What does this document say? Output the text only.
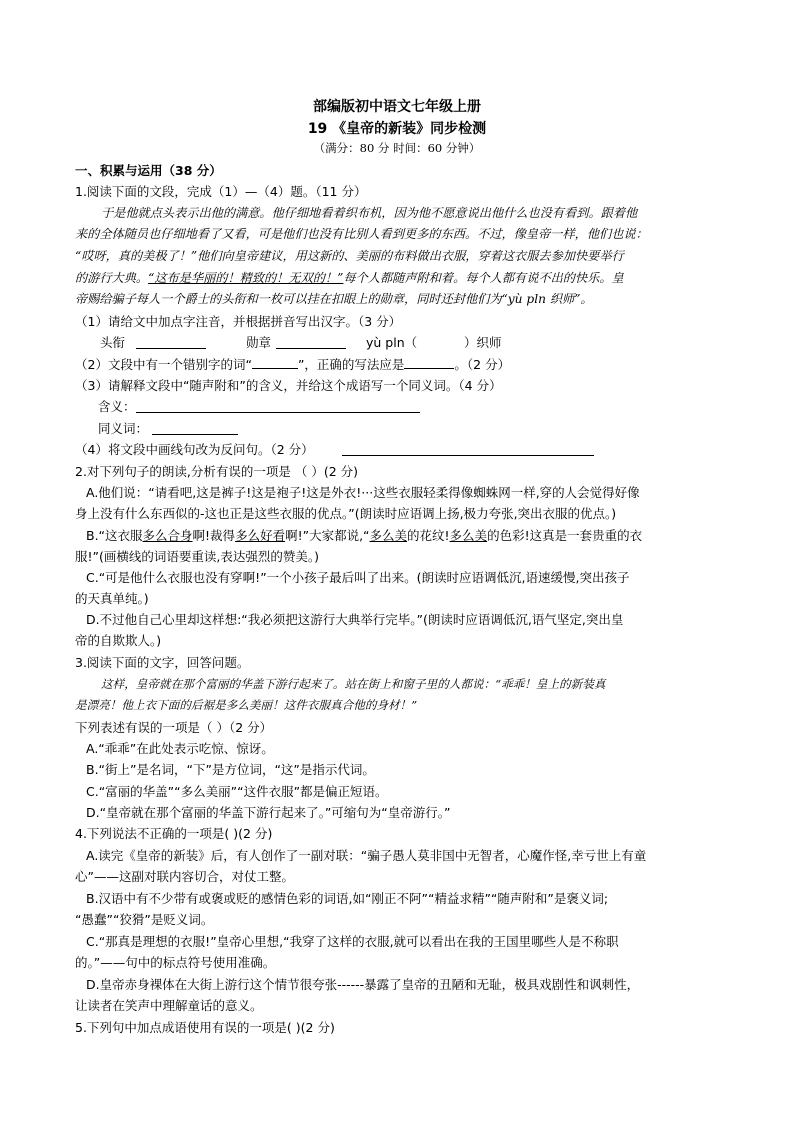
部编版初中语文七年级上册
19 《皇帝的新装》同步检测
（满分：80 分 时间：60 分钟）
一、积累与运用（38 分）
1.阅读下面的文段，完成（1）—（4）题。（11 分）
于是他就点头表示出他的满意。他仔细地看着织布机，因为他不愿意说出他什么也没有看到。跟着他
来的全体随员也仔细地看了又看，可是他们也没有比别人看到更多的东西。不过，像皇帝一样，他们也说：
“哎呀，真的美极了！”他们向皇帝建议，用这新的、美丽的布料做出衣服，穿着这衣服去参加快要举行
的游行大典。“这布是华丽的！精致的！无双的！”每个人都随声附和着。每个人都有说不出的快乐。皇
帝赐给骗子每人一个爵士的头衔和一枚可以挂在扣眼上的勋章，同时还封他们为“yù pln 织师”。
（1）请给文中加点字注音，并根据拼音写出汉字。（3 分）
头衔	勋章	yù pln（	）织师
（2）文段中有一个错别字的词“	”，正确的写法应是	。（2 分）
（3）请解释文段中“随声附和”的含义，并给这个成语写一个同义词。（4 分）
含义：
同义词：
（4）将文段中画线句改为反问句。（2 分）
2.对下列句子的朗读,分析有误的一项是 （ ）(2 分)
A.他们说：“请看吧,这是裤子!这是袍子!这是外衣!···这些衣服轻柔得像蜘蛛网一样,穿的人会觉得好像
身上没有什么东西似的-这也正是这些衣服的优点。”(朗读时应语调上扬,极力夸张,突出衣服的优点。)
B.“这衣服多么合身啊!裁得多么好看啊!”大家都说,“多么美的花纹!多么美的色彩!这真是一套贵重的衣
服!”(画横线的词语要重读,表达强烈的赞美。)
C.“可是他什么衣服也没有穿啊!”一个小孩子最后叫了出来。(朗读时应语调低沉,语速缓慢,突出孩子
的天真单纯。)
D.不过他自己心里却这样想:“我必须把这游行大典举行完毕。”(朗读时应语调低沉,语气坚定,突出皇
帝的自欺欺人。)
3.阅读下面的文字，回答问题。
这样，皇帝就在那个富丽的华盖下游行起来了。站在街上和窗子里的人都说：“乖乖！皇上的新装真
是漂亮！他上衣下面的后裾是多么美丽！这件衣服真合他的身材！”
下列表述有误的一项是（ ）（2 分）
A.“乖乖”在此处表示吃惊、惊讶。
B.“街上”是名词，“下”是方位词，“这”是指示代词。
C.“富丽的华盖”“多么美丽”“这件衣服”都是偏正短语。
D.“皇帝就在那个富丽的华盖下游行起来了。”可缩句为“皇帝游行。”
4.下列说法不正确的一项是( )(2 分)
A.读完《皇帝的新装》后，有人创作了一副对联：“骗子愚人莫非国中无智者，心魔作怪,幸亏世上有童
心”——这副对联内容切合，对仗工整。
B.汉语中有不少带有或褒或贬的感情色彩的词语,如“刚正不阿”“精益求精”“随声附和”是褒义词;
“愚蠢”“狡猾”是贬义词。
C.“那真是理想的衣服!”皇帝心里想,“我穿了这样的衣服,就可以看出在我的王国里哪些人是不称职
的。”——句中的标点符号使用准确。
D.皇帝赤身裸体在大街上游行这个情节很夸张------暴露了皇帝的丑陋和无耻，极具戏剧性和讽刺性，
让读者在笑声中理解童话的意义。
5.下列句中加点成语使用有误的一项是( )(2 分)
